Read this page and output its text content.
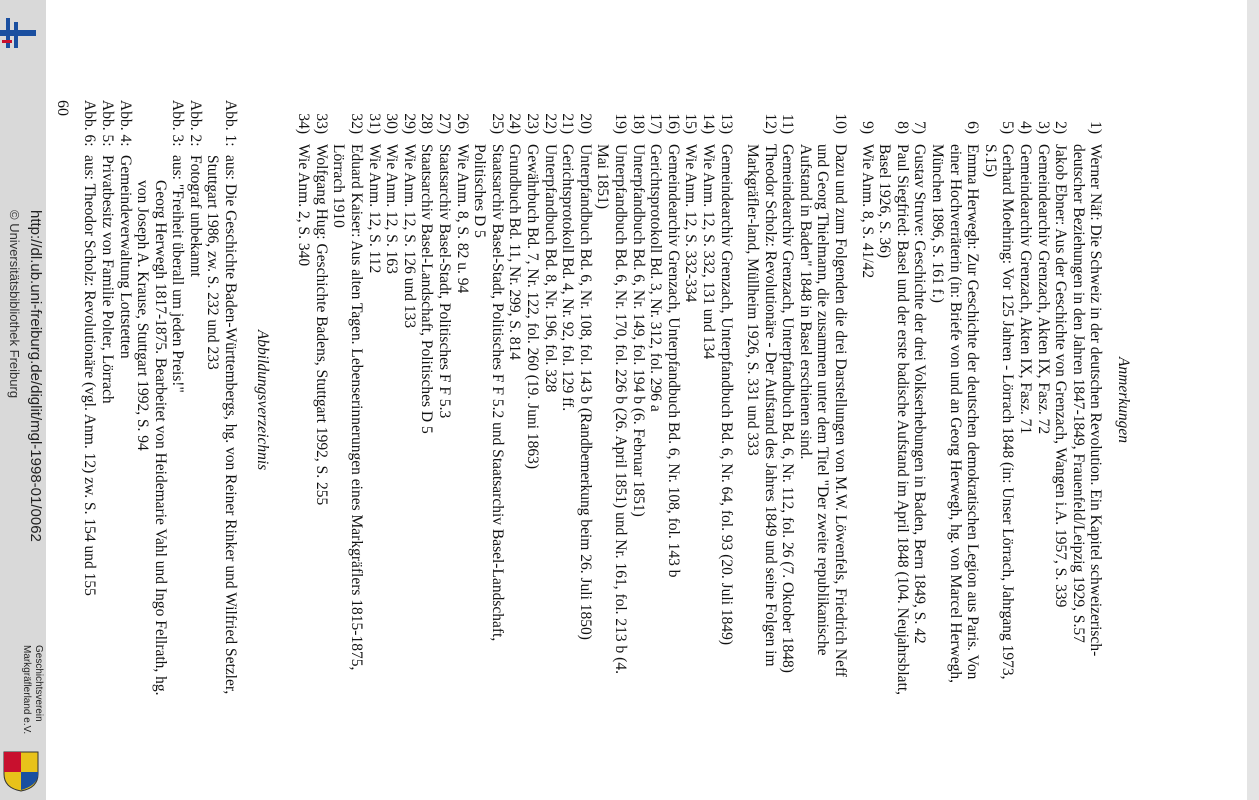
© Universitätsbibliothek Freiburg http://dl.ub.uni-freiburg.de/diglit/mgl-1998-01/0062
Geschichtsverein
Markgräflerland e.V.
Anmerkungen
1)
Werner Näf: Die Schweiz in der deutschen Revolution. Ein Kapitel schweizerisch-deutscher Beziehungen in den Jahren 1847-1849, Frauenfeld/Leipzig 1929, S.57
2)
Jakob Ebner: Aus der Geschichte von Grenzach, Wangen i.A. 1957, S. 339
3)
Gemeindearchiv Grenzach, Akten IX, Fasz. 72
4)
Gemeindearchiv Grenzach, Akten IX, Fasz. 71
5)
Gerhard Moehring: Vor 125 Jahren - Lörrach 1848 (in: Unser Lörrach, Jahrgang 1973, S.15)
6)
Emma Herwegh: Zur Geschichte der deutschen demokratischen Legion aus Paris. Von einer Hochverräterin (in: Briefe von und an Georg Herwegh, hg. von Marcel Herwegh, München 1896, S. 161 f.)
7)
Gustav Struve: Geschichte der drei Volkserhebungen in Baden, Bern 1849, S. 42
8)
Paul Siegfried: Basel und der erste badische Aufstand im April 1848 (104. Neujahrsblatt, Basel 1926, S. 36)
9)
Wie Anm. 8, S. 41/42
10)
Dazu und zum Folgenden die drei Darstellungen von M.W. Löwenfels, Friedrich Neff und Georg Thielmann, die zusammen unter dem Titel "Der zweite republikanische Aufstand in Baden" 1848 in Basel erschienen sind.
11)
Gemeindearchiv Grenzach, Unterpfandbuch Bd. 6, Nr. 112, fol. 26 (7. Oktober 1848)
12)
Theodor Scholz: Revolutionäre - Der Aufstand des Jahres 1849 und seine Folgen im Markgräfler-land, Müllheim 1926, S. 331 und 333
13)
Gemeindearchiv Grenzach, Unterpfandbuch Bd. 6, Nr. 64, fol. 93 (20. Juli 1849)
14)
Wie Anm. 12, S. 332, 131 und 134
15)
Wie Anm. 12, S. 332-334
16)
Gemeindearchiv Grenzach, Unterpfandbuch Bd. 6, Nr. 108, fol. 143 b
17)
Gerichtsprotokoll Bd. 3, Nr. 312, fol. 296 a
18)
Unterpfandbuch Bd. 6, Nr. 149, fol. 194 b (6. Februar 1851)
19)
Unterpfandbuch Bd. 6, Nr. 170, fol. 226 b (26. April 1851) und Nr. 161, fol. 213 b (4. Mai 1851)
20)
Unterpfandbuch Bd. 6, Nr. 108, fol. 143 b (Randbemerkung beim 26. Juli 1850)
21)
Gerichtsprotokoll Bd. 4, Nr. 92, fol. 129 ff.
22)
Unterpfandbuch Bd. 8, Nr. 196, fol. 328
23)
Gewährbuch Bd. 7, Nr. 122, fol. 260 (19. Juni 1863)
24)
Grundbuch Bd. 11, Nr. 299, S. 814
25)
Staatsarchiv Basel-Stadt, Politisches F F 5.2 und Staatsarchiv Basel-Landschaft, Politisches D 5
26)
Wie Anm. 8, S. 82 u. 94
27)
Staatsarchiv Basel-Stadt, Politisches F F 5.3
28)
Staatsarchiv Basel-Landschaft, Politisches D 5
29)
Wie Anm. 12, S. 126 und 133
30)
Wie Anm. 12, S. 163
31)
Wie Anm. 12, S. 112
32)
Eduard Kaiser: Aus alten Tagen. Lebenserinnerungen eines Markgräflers 1815-1875, Lörrach 1910
33)
Wolfgang Hug: Geschichte Badens, Stuttgart 1992, S. 255
34)
Wie Anm. 2, S. 340
Abbildungsverzeichnis
Abb. 1:
aus: Die Geschichte Baden-Württembergs, hg. von Reiner Rinker und Wilfried Setzler, Stuttgart 1986, zw. S. 232 und 233
Abb. 2:
Fotograf unbekannt
Abb. 3:
aus: "Freiheit überall um jeden Preis!"
Georg Herwegh 1817-1875. Bearbeitet von Heidemarie Vahl und Ingo Fellrath, hg. von Joseph A. Krause, Stuttgart 1992, S. 94
Abb. 4:
Gemeindeverwaltung Lottstetten
Abb. 5:
Privatbesitz von Familie Polter, Lörrach
Abb. 6:
aus: Theodor Scholz: Revolutionäre (vgl. Anm. 12) zw. S. 154 und 155
60
